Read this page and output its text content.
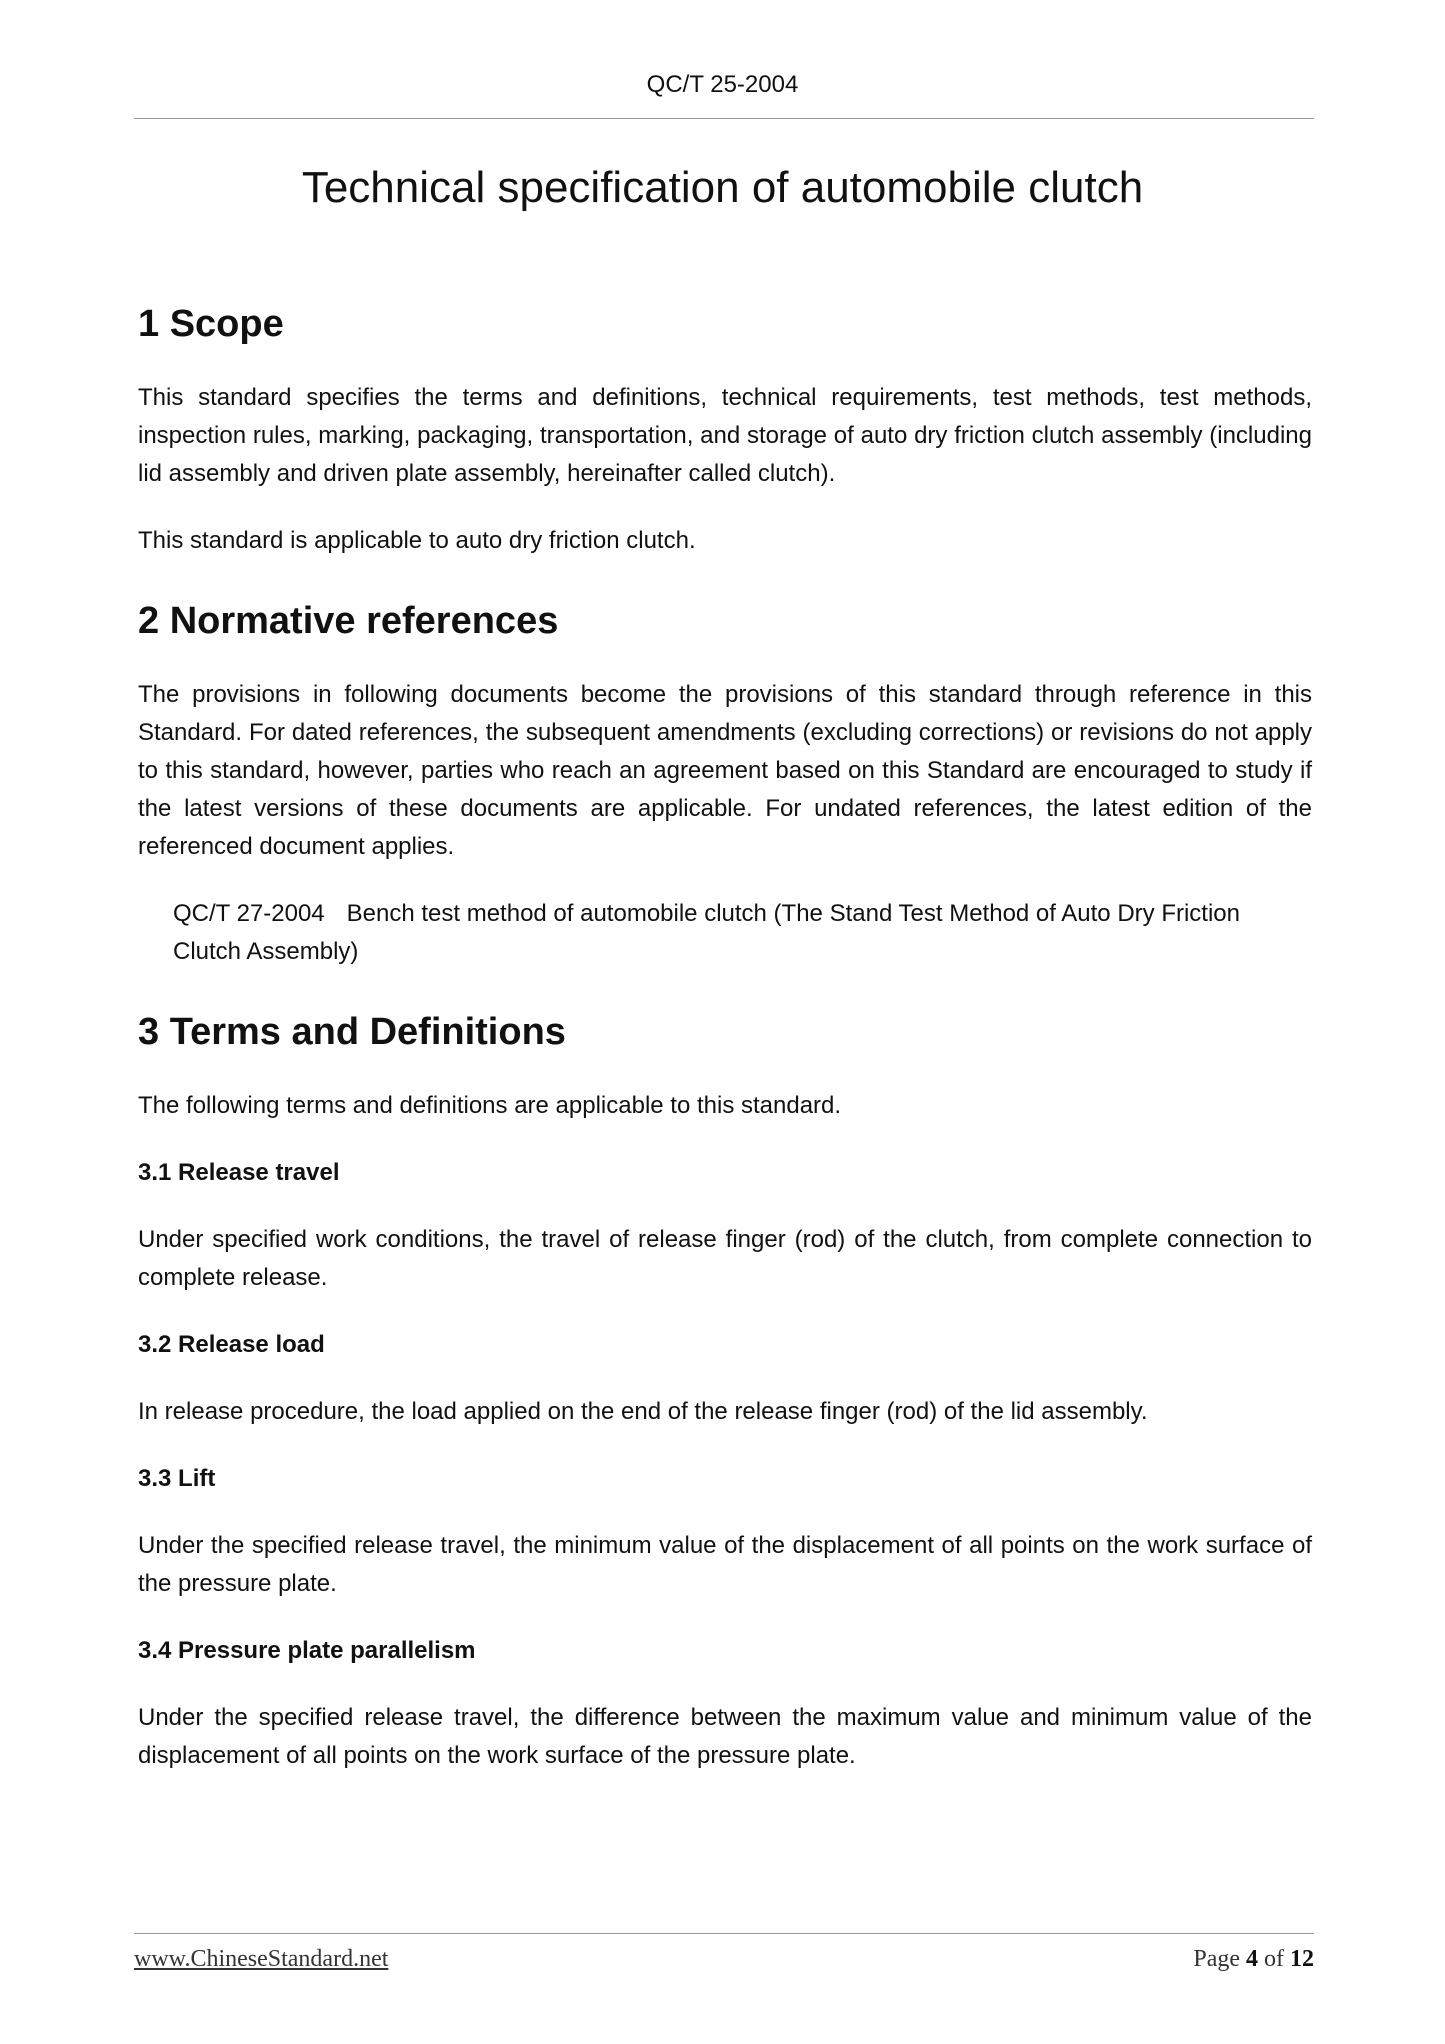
QC/T 25-2004
Technical specification of automobile clutch
1 Scope

This standard specifies the terms and definitions, technical requirements, test methods, test methods, inspection rules, marking, packaging, transportation, and storage of auto dry friction clutch assembly (including lid assembly and driven plate assembly, hereinafter called clutch).

This standard is applicable to auto dry friction clutch.

2 Normative references

The provisions in following documents become the provisions of this standard through reference in this Standard. For dated references, the subsequent amendments (excluding corrections) or revisions do not apply to this standard, however, parties who reach an agreement based on this Standard are encouraged to study if the latest versions of these documents are applicable. For undated references, the latest edition of the referenced document applies.

QC/T 27-2004 Bench test method of automobile clutch (The Stand Test Method of Auto Dry Friction Clutch Assembly)
3 Terms and Definitions

The following terms and definitions are applicable to this standard.

3.1 Release travel

Under specified work conditions, the travel of release finger (rod) of the clutch, from complete connection to complete release.

3.2 Release load

In release procedure, the load applied on the end of the release finger (rod) of the lid assembly.

3.3 Lift

Under the specified release travel, the minimum value of the displacement of all points on the work surface of the pressure plate.

3.4 Pressure plate parallelism

Under the specified release travel, the difference between the maximum value and minimum value of the displacement of all points on the work surface of the pressure plate.

www.ChineseStandard.net	Page 4 of 12
